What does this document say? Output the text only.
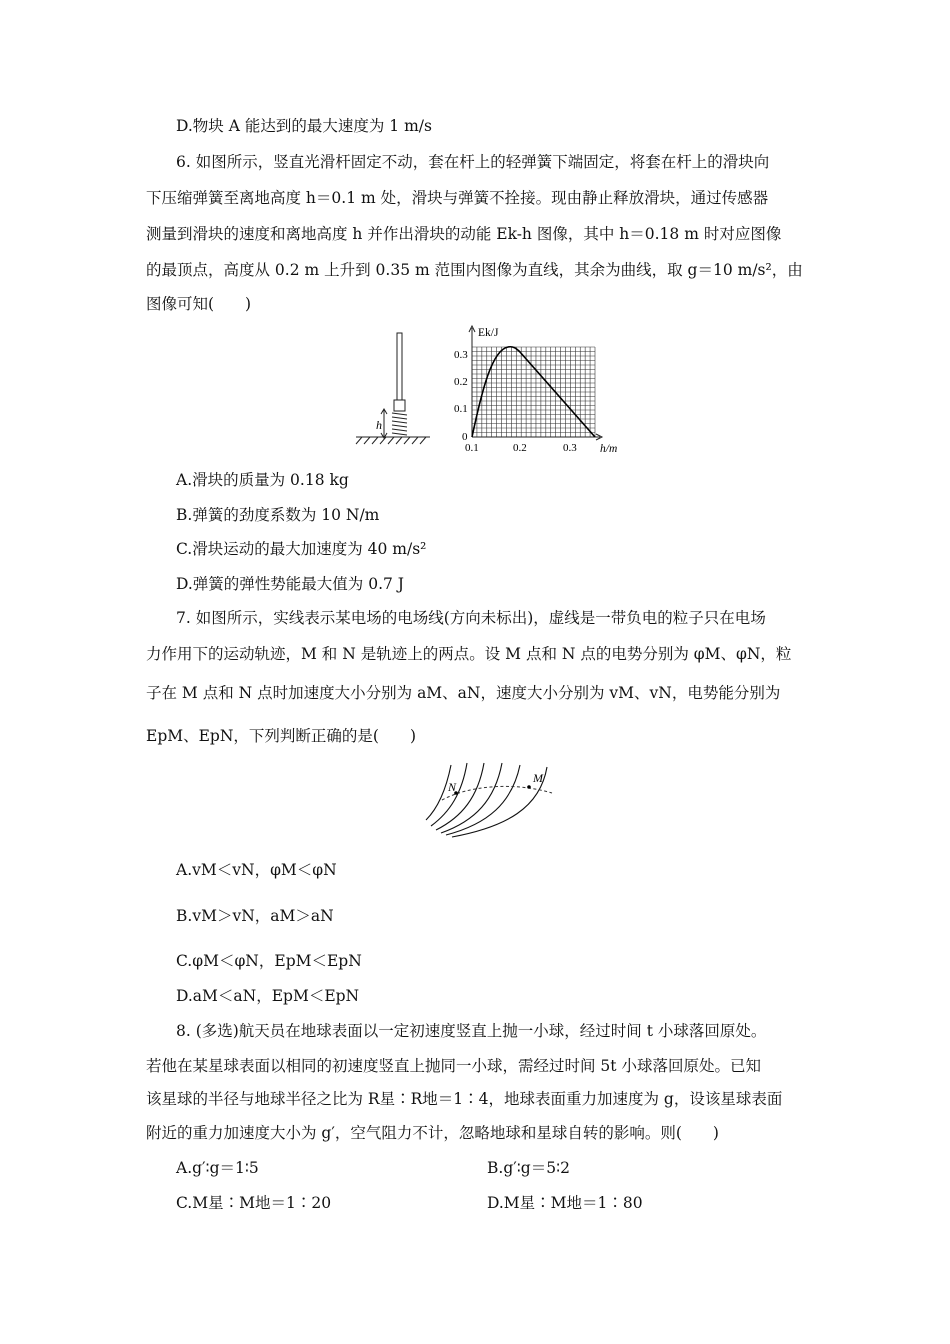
D.物块 A 能达到的最大速度为 1 m/s
6. 如图所示，竖直光滑杆固定不动，套在杆上的轻弹簧下端固定，将套在杆上的滑块向
下压缩弹簧至离地高度 h＝0.1 m 处，滑块与弹簧不拴接。现由静止释放滑块，通过传感器
测量到滑块的速度和离地高度 h 并作出滑块的动能 Ek-h 图像，其中 h＝0.18 m 时对应图像
的最顶点，高度从 0.2 m 上升到 0.35 m 范围内图像为直线，其余为曲线，取 g＝10 m/s²，由
图像可知(　　)
h
Ek/J
0.3
0.2
0.1
0
0.1	0.2	0.3 h/m
A.滑块的质量为 0.18 kg
B.弹簧的劲度系数为 10 N/m
C.滑块运动的最大加速度为 40 m/s²
D.弹簧的弹性势能最大值为 0.7 J
7. 如图所示，实线表示某电场的电场线(方向未标出)，虚线是一带负电的粒子只在电场
力作用下的运动轨迹，M 和 N 是轨迹上的两点。设 M 点和 N 点的电势分别为 φM、φN，粒
子在 M 点和 N 点时加速度大小分别为 aM、aN，速度大小分别为 vM、vN，电势能分别为
EpM、EpN，下列判断正确的是(　　)
N
M
A.vM＜vN，φM＜φN
B.vM＞vN，aM＞aN
C.φM＜φN，EpM＜EpN
D.aM＜aN，EpM＜EpN
8. (多选)航天员在地球表面以一定初速度竖直上抛一小球，经过时间 t 小球落回原处。
若他在某星球表面以相同的初速度竖直上抛同一小球，需经过时间 5t 小球落回原处。已知
该星球的半径与地球半径之比为 R星∶R地＝1∶4，地球表面重力加速度为 g，设该星球表面
附近的重力加速度大小为 g′，空气阻力不计，忽略地球和星球自转的影响。则(　　)
A.g′∶g＝1∶5	B.g′∶g＝5∶2
C.M星∶M地＝1∶20	D.M星∶M地＝1∶80
